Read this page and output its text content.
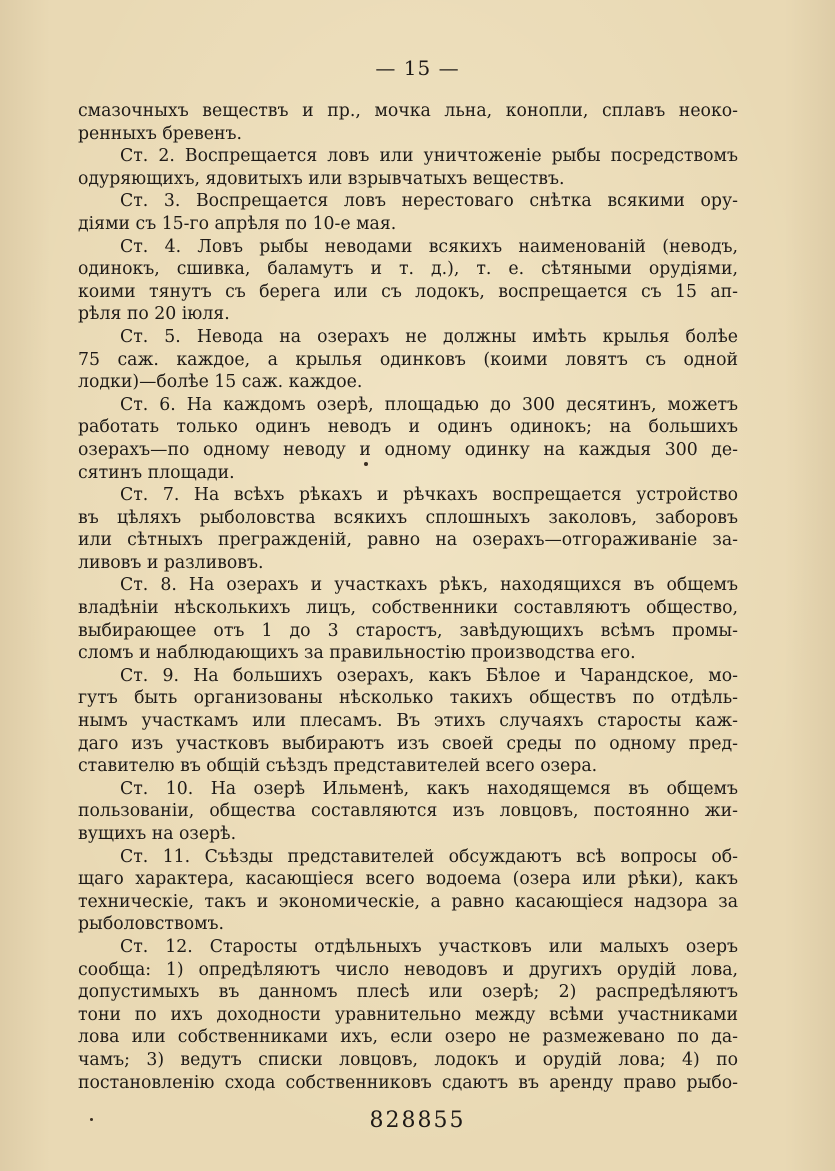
— 15 —
смазочныхъ веществъ и пр., мочка льна, конопли, сплавъ неоко-
ренныхъ бревенъ.
Ст. 2. Воспрещается ловъ или уничтоженіе рыбы посредствомъ
одуряющихъ, ядовитыхъ или взрывчатыхъ веществъ.
Ст. 3. Воспрещается ловъ нерестоваго снѣтка всякими ору-
діями съ 15-го апрѣля по 10-е мая.
Ст. 4. Ловъ рыбы неводами всякихъ наименованій (неводъ,
одинокъ, сшивка, баламутъ и т. д.), т. е. сѣтяными орудіями,
коими тянутъ съ берега или съ лодокъ, воспрещается съ 15 ап-
рѣля по 20 іюля.
Ст. 5. Невода на озерахъ не должны имѣть крылья болѣе
75 саж. каждое, а крылья одинковъ (коими ловятъ съ одной
лодки)—болѣе 15 саж. каждое.
Ст. 6. На каждомъ озерѣ, площадью до 300 десятинъ, можетъ
работать только одинъ неводъ и одинъ одинокъ; на большихъ
озерахъ—по одному неводу и одному одинку на каждыя 300 де-
сятинъ площади.
Ст. 7. На всѣхъ рѣкахъ и рѣчкахъ воспрещается устройство
въ цѣляхъ рыболовства всякихъ сплошныхъ заколовъ, заборовъ
или сѣтныхъ прегражденій, равно на озерахъ—отгораживаніе за-
ливовъ и разливовъ.
Ст. 8. На озерахъ и участкахъ рѣкъ, находящихся въ общемъ
владѣніи нѣсколькихъ лицъ, собственники составляютъ общество,
выбирающее отъ 1 до 3 старостъ, завѣдующихъ всѣмъ промы-
сломъ и наблюдающихъ за правильностію производства его.
Ст. 9. На большихъ озерахъ, какъ Бѣлое и Чарандское, мо-
гутъ быть организованы нѣсколько такихъ обществъ по отдѣль-
нымъ участкамъ или плесамъ. Въ этихъ случаяхъ старосты каж-
даго изъ участковъ выбираютъ изъ своей среды по одному пред-
ставителю въ общій съѣздъ представителей всего озера.
Ст. 10. На озерѣ Ильменѣ, какъ находящемся въ общемъ
пользованіи, общества составляются изъ ловцовъ, постоянно жи-
вущихъ на озерѣ.
Ст. 11. Съѣзды представителей обсуждаютъ всѣ вопросы об-
щаго характера, касающіеся всего водоема (озера или рѣки), какъ
техническіе, такъ и экономическіе, а равно касающіеся надзора за
рыболовствомъ.
Ст. 12. Старосты отдѣльныхъ участковъ или малыхъ озеръ
сообща: 1) опредѣляютъ число неводовъ и другихъ орудій лова,
допустимыхъ въ данномъ плесѣ или озерѣ; 2) распредѣляютъ
тони по ихъ доходности уравнительно между всѣми участниками
лова или собственниками ихъ, если озеро не размежевано по да-
чамъ; 3) ведутъ списки ловцовъ, лодокъ и орудій лова; 4) по
постановленію схода собственниковъ сдаютъ въ аренду право рыбо-
828855
